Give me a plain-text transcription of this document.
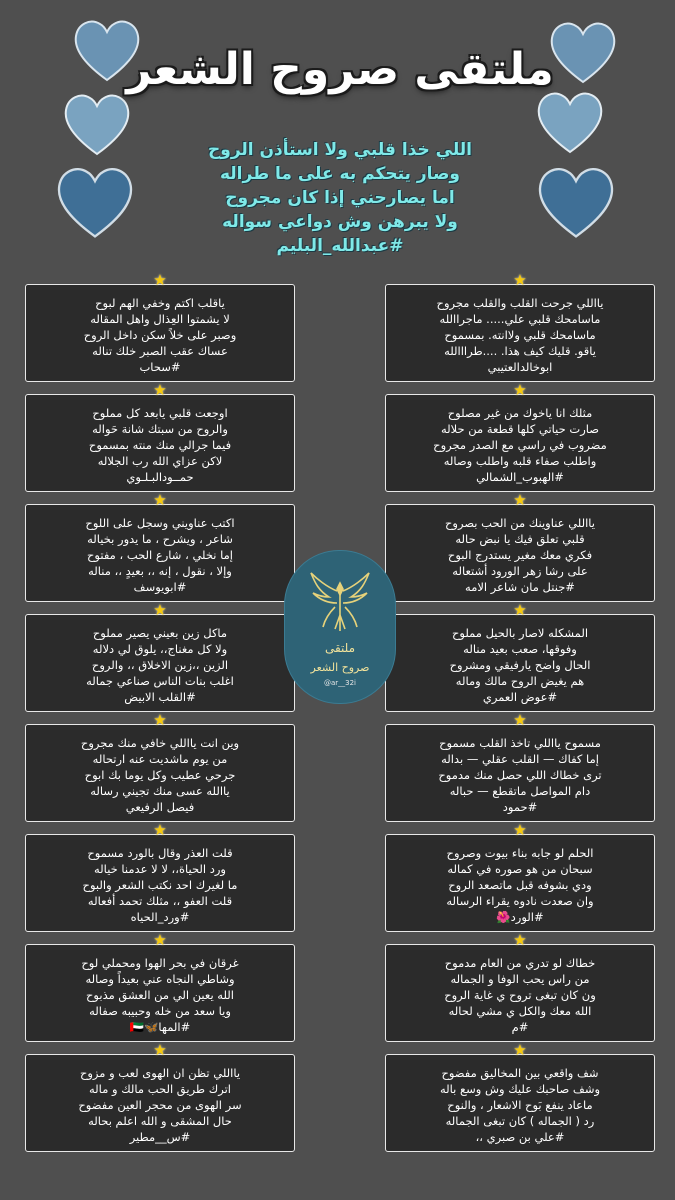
ملتقى صروح الشعر
اللي خذا قلبي ولا استأذن الروح
وصار يتحكم به على ما طراله
اما يصارحني إذا كان مجروح
ولا يبرهن وش دواعي سواله
#عبدالله_البليم
★
ياقلب اكتم وخفي الهم لبوح
لا يشمتوا العِذال واهل المقاله
وصبر على خلاً سكن داخل الروح
عساك عقب الصبر خلك تناله
#سحاب
★
اوجعت قلبي يابعد كل مملوح
والروح من سبتك شانة حَواله
فيما جرالي منك منته بمسموح
لاكن عزاي الله رب الجلاله
حمــودالبـلـوي
★
اكتب عناويني وسجل على اللوح
شاعر ، ويشرح ، ما يدور بخياله
إما نخلي ، شارع الحب ، مفتوح
وإلا ، نقول ، إنه ،، بعيدٍ ،، مناله
#ابويوسف
★
ماكل زين بعيني يصير مملوح
ولا كل مغناج،، يلوق لي دلاله
الزين ،،زين الاخلاق ،، والروح
اغلب بنات الناس صناعي جماله
#القلب الابيض
★
وين انت يااللي خافي منك مجروح
من يوم ماشديت عنه ارتحاله
جرحي عطيب وكل يوما بك ابوح
ياالله عسى منك تجيني رساله
فيصل الرفيعي
★
قلت العذر وقال بالورد مسموح
ورد الحياة،، لا لا عدمنا خياله
ما لغيرك احد نكتب الشعر والبوح
قلت العفو ،، مثلك تحمد أفعاله
#ورد_الحياه
★
غرقان في بحر الهوا ومحملي لوح
وشاطي النجاه عني بعيداً وصاله
الله يعين الي من العشق مذبوح
ويا سعد من خله وحبيبه صفاله
#المها🦋🇦🇪
★
يااللي تظن ان الهوى لعب و مزوح
اترك طريق الحب مالك و ماله
سر الهوى من محجر العين مفضوح
حال المشقى و الله اعلم بحاله
#س__مطير
★
يااللي جرحت القلب والقلب مجروح
ماسامحك قلبي علي..... ماجراالله
ماسامحك قلبي ولاانته. بمسموح
ياقو. قليك كيف هذا. ....طرااالله
ابوخالدالعتيبي
★
مثلك انا ياخوك من غير مصلوح
صارت حياتي كلها قطعة من حلاله
مضروب في راسي مع الصدر مجروح
واطلب صفاء قلبه واطلب وصاله
#الهبوب_الشمالي
★
يااللي عناوينك من الحب بصروح
قلبي تعلق فيك يا نبض حاله
فكري معك مغير يستدرج البوح
على رشا زهر الورود أشتعاله
#جنتل مان شاعر الامه
★
المشكله لاصار بالحيل مملوح
وفوقها، صعب بعيد مناله
الحال واضح يارفيقي ومشروح
هم يغيض الروح مالك وماله
#عوض العمري
★
مسموح يااللي تاخذ القلب مسموح
إما كفاك — القلب عقلي — بداله
ترى خطاك اللي حصل منك مدموح
دام المواصل ماتقطع — حباله
#حمود
★
الحلم لو جابه بناء بيوت وصروح
سبحان من هو صوره في كماله
ودي بشوفه قبل ماتصعد الروح
وان صعدت نادوه يقراء الرساله
#الورد🌺
★
خطاك لو تدري من العام مدموح
من راس يحب الوفا و الجماله
ون كان تبغى تروح ي غاية الروح
الله معك والكل ي مشي لحاله
#م
★
شف واقعي بين المخاليق مفضوح
وشف صاحبك عليك وش وسع باله
ماعاد ينفع بَوح الاشعار ، والنوح
رد ( الجماله ) كان تبغى الجماله
#علي بن صبري ،،
ملتقى
صروح الشعر
@ar__32i
